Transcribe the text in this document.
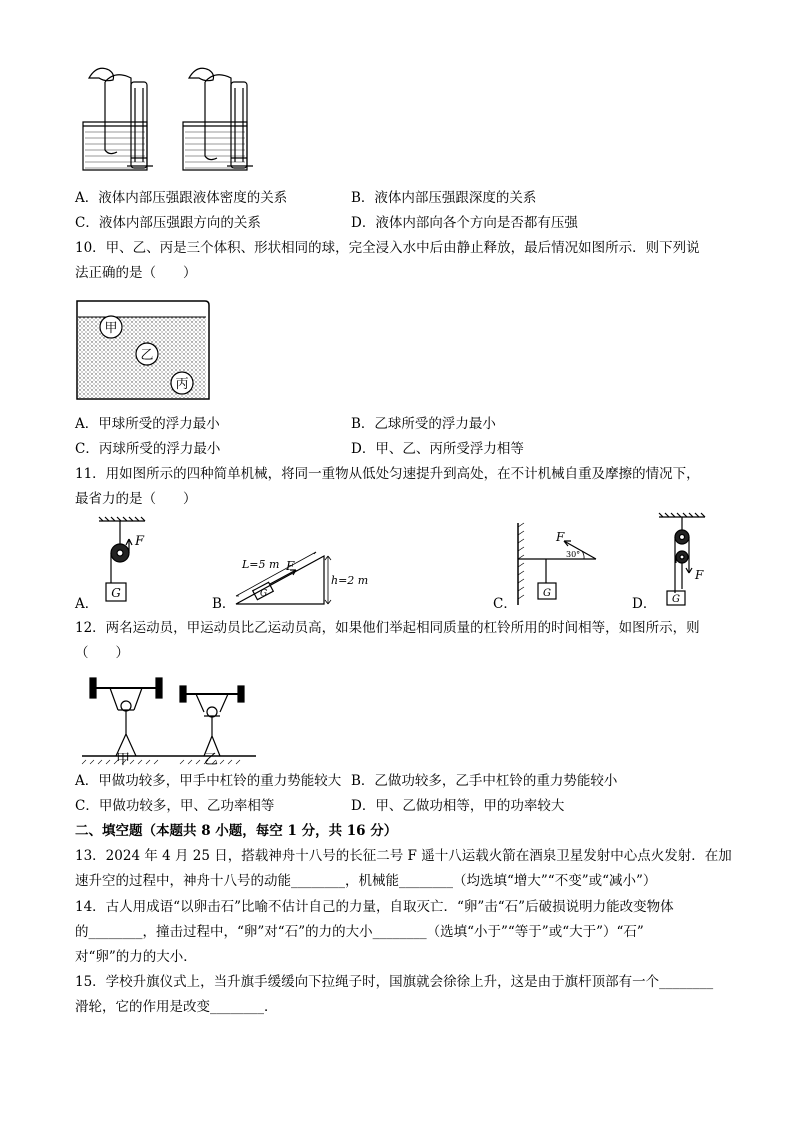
A．液体内部压强跟液体密度的关系	B．液体内部压强跟深度的关系
C．液体内部压强跟方向的关系	D．液体内部向各个方向是否都有压强
10．甲、乙、丙是三个体积、形状相同的球，完全浸入水中后由静止释放，最后情况如图所示．则下列说
法正确的是（　　）
甲
乙
丙
A．甲球所受的浮力最小	B．乙球所受的浮力最小
C．丙球所受的浮力最小	D．甲、乙、丙所受浮力相等
11．用如图所示的四种简单机械，将同一重物从低处匀速提升到高处，在不计机械自重及摩擦的情况下，
最省力的是（　　）
A．
F
G
B．
L=5 m F
h=2 m
G
C．
F
30°
G
D．
F
G
12．两名运动员，甲运动员比乙运动员高，如果他们举起相同质量的杠铃所用的时间相等，如图所示，则
（　　）
甲	乙
A．甲做功较多，甲手中杠铃的重力势能较大 B．乙做功较多，乙手中杠铃的重力势能较小
C．甲做功较多，甲、乙功率相等	D．甲、乙做功相等，甲的功率较大
二、填空题（本题共 8 小题，每空 1 分，共 16 分）
13．2024 年 4 月 25 日，搭载神舟十八号的长征二号 F 遥十八运载火箭在酒泉卫星发射中心点火发射．在加
速升空的过程中，神舟十八号的动能________，机械能________（均选填“增大”“不变”或“减小”）
14．古人用成语“以卵击石”比喻不估计自己的力量，自取灭亡．“卵”击“石”后破损说明力能改变物体
的________，撞击过程中，“卵”对“石”的力的大小________（选填“小于”“等于”或“大于”）“石”
对“卵”的力的大小．
15．学校升旗仪式上，当升旗手缓缓向下拉绳子时，国旗就会徐徐上升，这是由于旗杆顶部有一个________
滑轮，它的作用是改变________．
